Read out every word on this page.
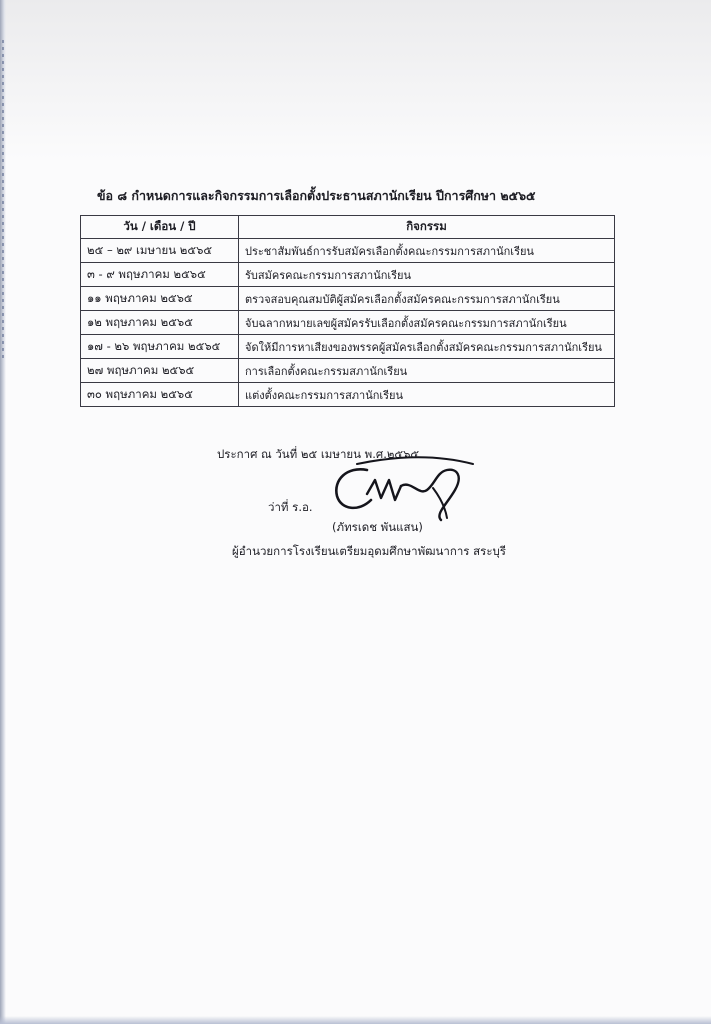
ข้อ ๘ กำหนดการและกิจกรรมการเลือกตั้งประธานสภานักเรียน ปีการศึกษา ๒๕๖๕
วัน / เดือน / ปี	กิจกรรม
๒๕ – ๒๙ เมษายน ๒๕๖๕	ประชาสัมพันธ์การรับสมัครเลือกตั้งคณะกรรมการสภานักเรียน
๓ - ๙ พฤษภาคม ๒๕๖๕	รับสมัครคณะกรรมการสภานักเรียน
๑๑ พฤษภาคม ๒๕๖๕	ตรวจสอบคุณสมบัติผู้สมัครเลือกตั้งสมัครคณะกรรมการสภานักเรียน
๑๒ พฤษภาคม ๒๕๖๕	จับฉลากหมายเลขผู้สมัครรับเลือกตั้งสมัครคณะกรรมการสภานักเรียน
๑๗ - ๒๖ พฤษภาคม ๒๕๖๕	จัดให้มีการหาเสียงของพรรคผู้สมัครเลือกตั้งสมัครคณะกรรมการสภานักเรียน
๒๗ พฤษภาคม ๒๕๖๕	การเลือกตั้งคณะกรรมสภานักเรียน
๓๐ พฤษภาคม ๒๕๖๕	แต่งตั้งคณะกรรมการสภานักเรียน
ประกาศ ณ วันที่ ๒๕ เมษายน พ.ศ.๒๕๖๕
ว่าที่ ร.อ.
(ภัทรเดช พันแสน)
ผู้อำนวยการโรงเรียนเตรียมอุดมศึกษาพัฒนาการ สระบุรี
